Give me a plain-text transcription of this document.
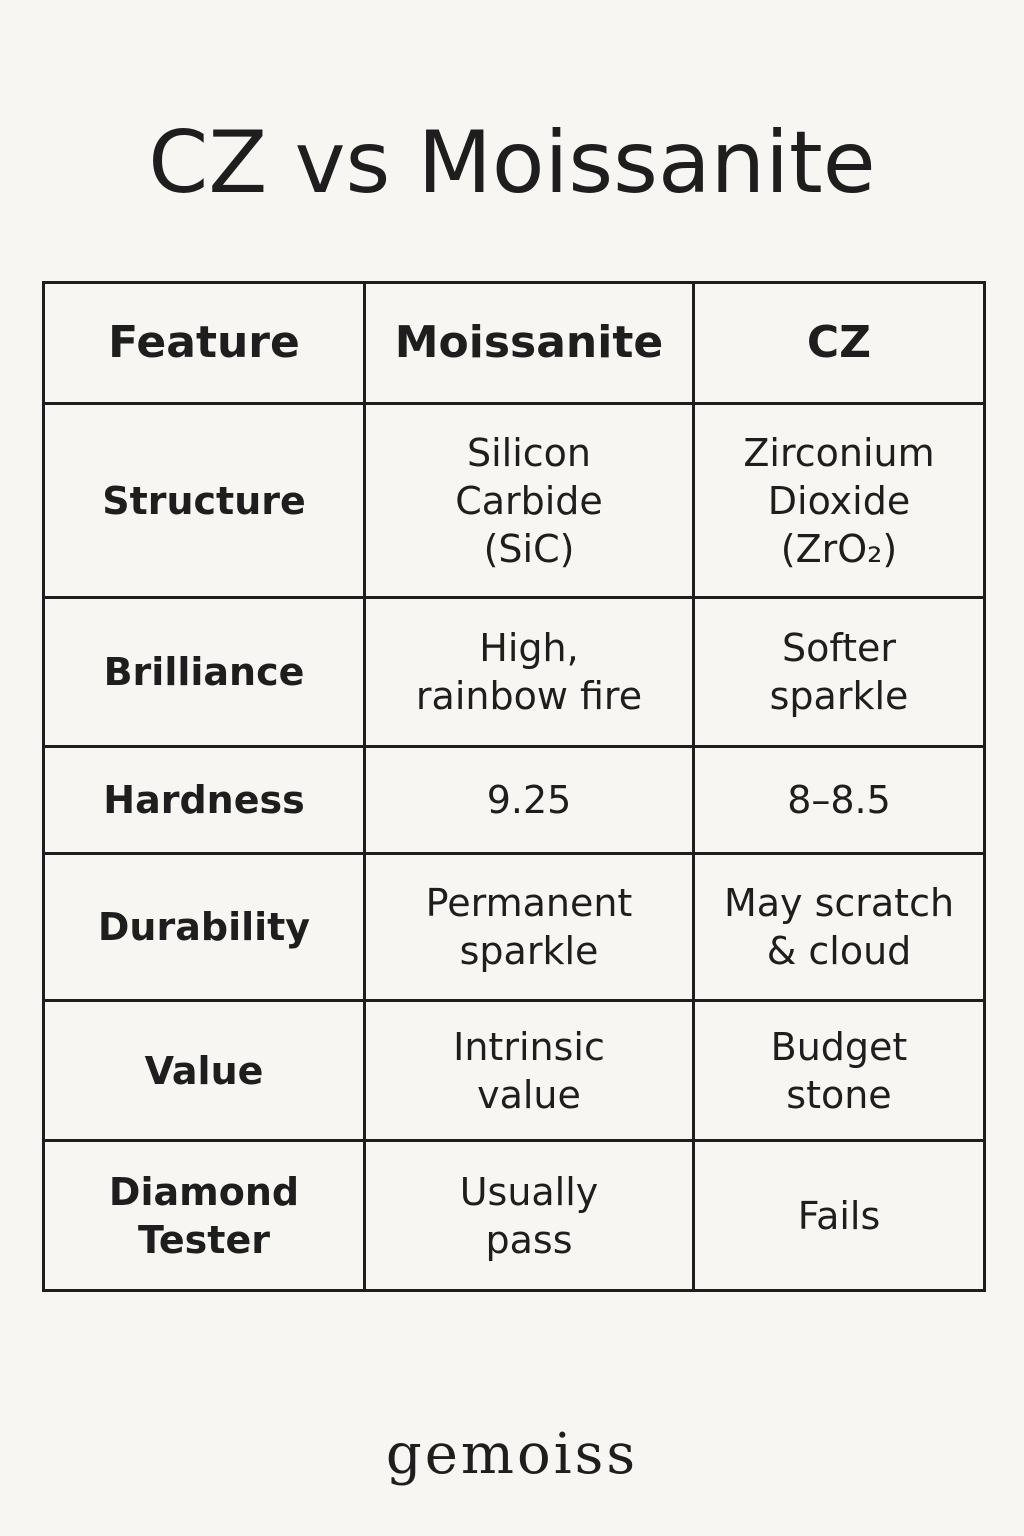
CZ vs Moissanite
Feature	Moissanite	CZ
Structure	Silicon Carbide (SiC)	Zirconium Dioxide (ZrO₂)
Brilliance	High, rainbow fire	Softer sparkle
Hardness	9.25	8–8.5
Durability	Permanent sparkle	May scratch & cloud
Value	Intrinsic value	Budget stone
Diamond Tester	Usually pass	Fails
gemoiss
